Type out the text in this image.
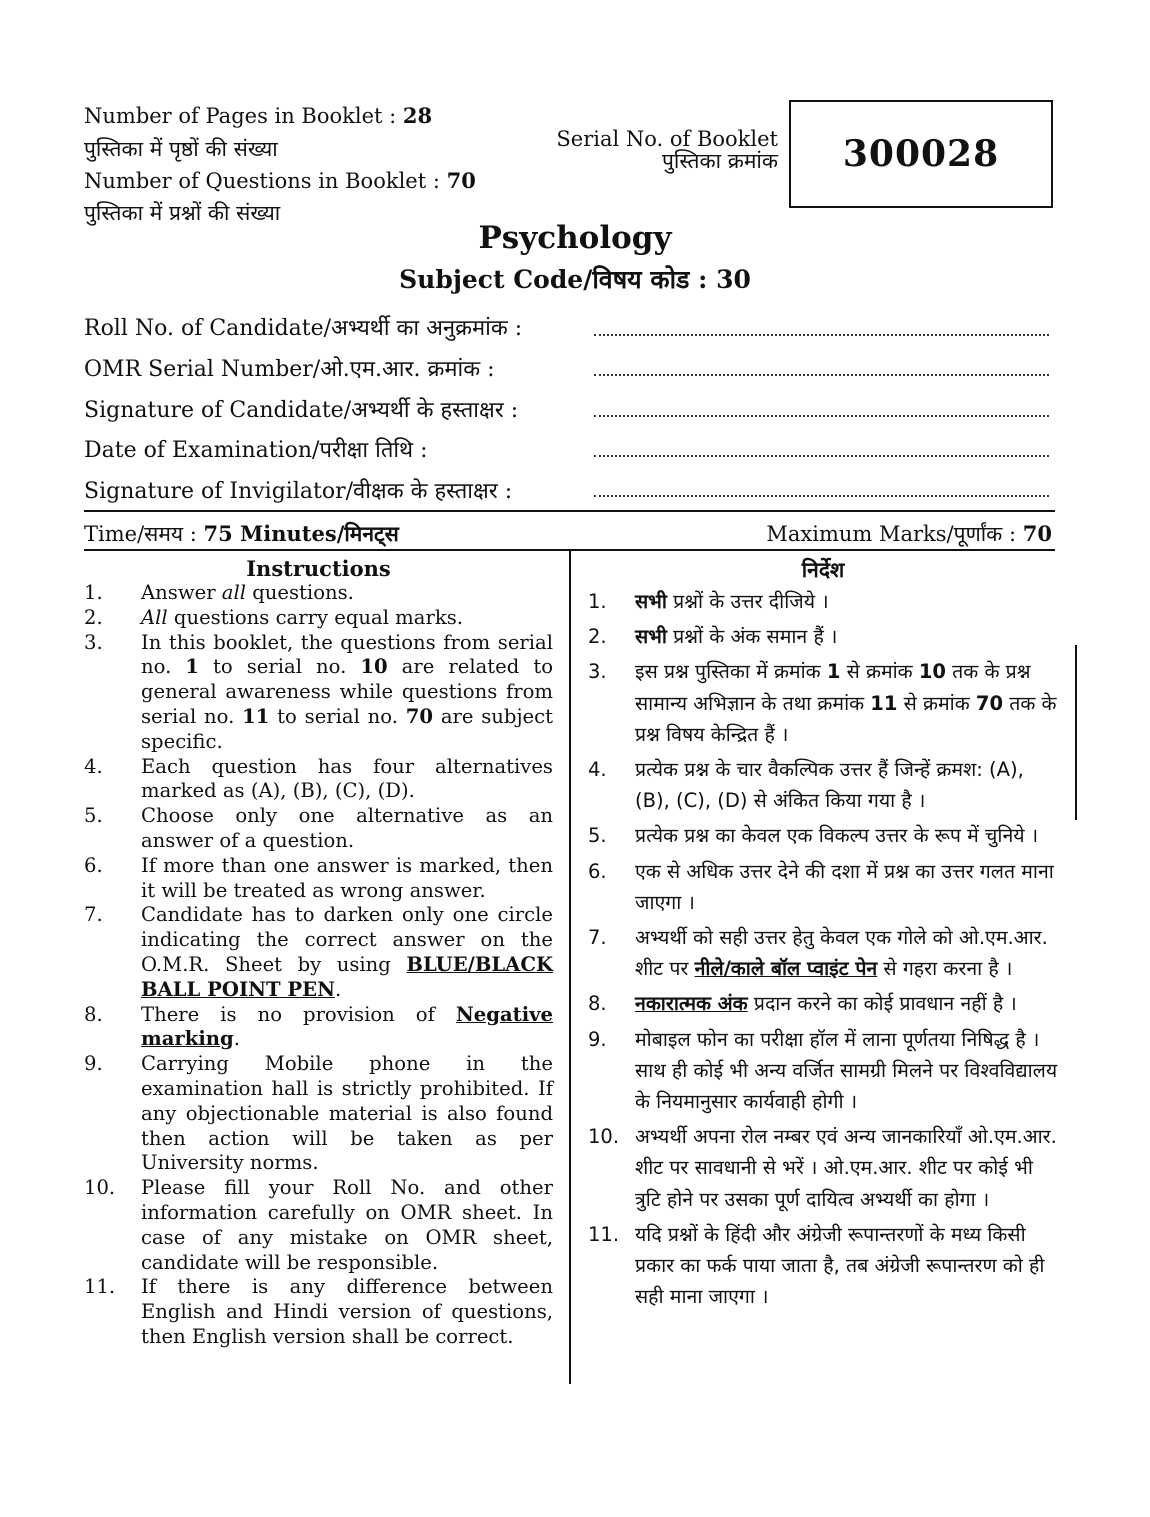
Number of Pages in Booklet : 28
पुस्तिका में पृष्ठों की संख्या
Number of Questions in Booklet : 70
पुस्तिका में प्रश्नों की संख्या
Serial No. of Booklet
पुस्तिका क्रमांक 300028
Psychology
Subject Code/विषय कोड : 30
Roll No. of Candidate/अभ्यर्थी का अनुक्रमांक :
OMR Serial Number/ओ.एम.आर. क्रमांक :
Signature of Candidate/अभ्यर्थी के हस्ताक्षर :
Date of Examination/परीक्षा तिथि :
Signature of Invigilator/वीक्षक के हस्ताक्षर :
Time/समय : 75 Minutes/मिनट्स	Maximum Marks/पूर्णांक : 70
Instructions
1. Answer all questions.
2. All questions carry equal marks.
3. In this booklet, the questions from serial no. 1 to serial no. 10 are related to general awareness while questions from serial no. 11 to serial no. 70 are subject specific.
4. Each question has four alternatives marked as (A), (B), (C), (D).
5. Choose only one alternative as an answer of a question.
6. If more than one answer is marked, then it will be treated as wrong answer.
7. Candidate has to darken only one circle indicating the correct answer on the O.M.R. Sheet by using BLUE/BLACK BALL POINT PEN.
8. There is no provision of Negative marking.
9. Carrying Mobile phone in the examination hall is strictly prohibited. If any objectionable material is also found then action will be taken as per University norms.
10. Please fill your Roll No. and other information carefully on OMR sheet. In case of any mistake on OMR sheet, candidate will be responsible.
11. If there is any difference between English and Hindi version of questions, then English version shall be correct.
निर्देश
1. सभी प्रश्नों के उत्तर दीजिये ।
2. सभी प्रश्नों के अंक समान हैं ।
3. इस प्रश्न पुस्तिका में क्रमांक 1 से क्रमांक 10 तक के प्रश्न सामान्य अभिज्ञान के तथा क्रमांक 11 से क्रमांक 70 तक के प्रश्न विषय केन्द्रित हैं ।
4. प्रत्येक प्रश्न के चार वैकल्पिक उत्तर हैं जिन्हें क्रमश: (A), (B), (C), (D) से अंकित किया गया है ।
5. प्रत्येक प्रश्न का केवल एक विकल्प उत्तर के रूप में चुनिये ।
6. एक से अधिक उत्तर देने की दशा में प्रश्न का उत्तर गलत माना जाएगा ।
7. अभ्यर्थी को सही उत्तर हेतु केवल एक गोले को ओ.एम.आर. शीट पर नीले/काले बॉल प्वाइंट पेन से गहरा करना है ।
8. नकारात्मक अंक प्रदान करने का कोई प्रावधान नहीं है ।
9. मोबाइल फोन का परीक्षा हॉल में लाना पूर्णतया निषिद्ध है । साथ ही कोई भी अन्य वर्जित सामग्री मिलने पर विश्वविद्यालय के नियमानुसार कार्यवाही होगी ।
10. अभ्यर्थी अपना रोल नम्बर एवं अन्य जानकारियाँ ओ.एम.आर. शीट पर सावधानी से भरें । ओ.एम.आर. शीट पर कोई भी त्रुटि होने पर उसका पूर्ण दायित्व अभ्यर्थी का होगा ।
11. यदि प्रश्नों के हिंदी और अंग्रेजी रूपान्तरणों के मध्य किसी प्रकार का फर्क पाया जाता है, तब अंग्रेजी रूपान्तरण को ही सही माना जाएगा ।
